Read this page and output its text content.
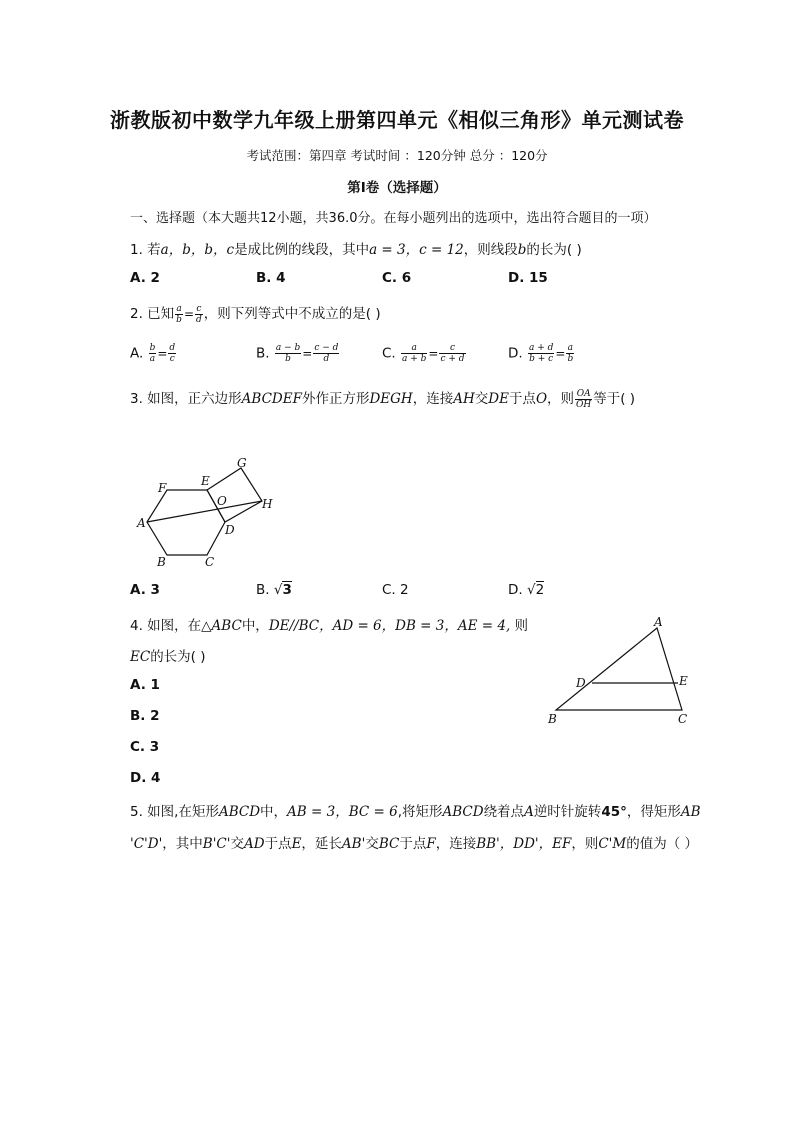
浙教版初中数学九年级上册第四单元《相似三角形》单元测试卷
考试范围：第四章 考试时间 ：120分钟 总分 ：120分
第I卷（选择题）
一、选择题（本大题共12小题，共36.0分。在每小题列出的选项中，选出符合题目的一项）
1. 若a，b，b，c是成比例的线段，其中a = 3，c = 12，则线段b的长为( )
A. 2	B. 4	C. 6	D. 15
2. 已知 $\frac{a}{b} = \frac{c}{d}$ ，则下列等式中不成立的是( )
A. $\frac{b}{a} = \frac{d}{c}$	B. $\frac{a - b}{b} = \frac{c - d}{d}$	C. $\frac{a}{a + b} = \frac{c}{c + d}$	D. $\frac{a + d}{b + c} = \frac{a}{b}$
3. 如图，正六边形ABCDEF外作正方形DEGH，连接AH交DE于点O，则 $\frac{OA}{OH}$ 等于( )
A
B	C
D
E
F
G
H
O
A. 3	B. √3	C. 2	D. √2
4. 如图，在△ABC中，DE//BC，AD = 6，DB = 3，AE = 4, 则
EC的长为( )
A. 1
B. 2
C. 3
D. 4
A
B	C
D	E
5. 如图,在矩形ABCD中，AB = 3，BC = 6,将矩形ABCD绕着点A逆时针旋转45°，得矩形AB
'C'D'，其中B'C'交AD于点E，延长AB'交BC于点F，连接BB'，DD'，EF，则C'M的值为（ ）
